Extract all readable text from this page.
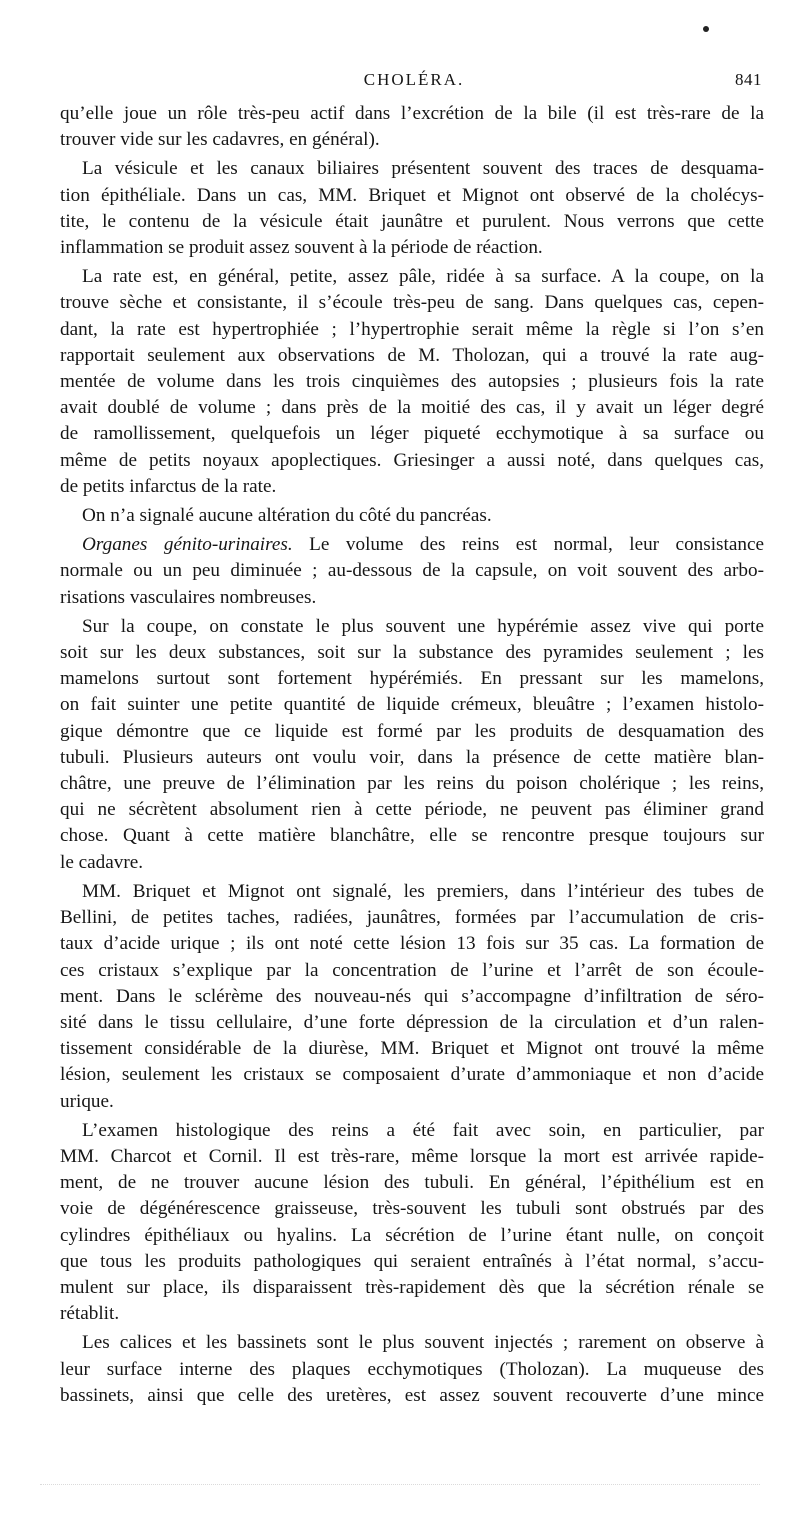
CHOLÉRA.	841

qu’elle joue un rôle très-peu actif dans l’excrétion de la bile (il est très-rare de la
trouver vide sur les cadavres, en général).

La vésicule et les canaux biliaires présentent souvent des traces de desquama-
tion épithéliale. Dans un cas, MM. Briquet et Mignot ont observé de la cholécys-
tite, le contenu de la vésicule était jaunâtre et purulent. Nous verrons que cette
inflammation se produit assez souvent à la période de réaction.

La rate est, en général, petite, assez pâle, ridée à sa surface. A la coupe, on la
trouve sèche et consistante, il s’écoule très-peu de sang. Dans quelques cas, cepen-
dant, la rate est hypertrophiée ; l’hypertrophie serait même la règle si l’on s’en
rapportait seulement aux observations de M. Tholozan, qui a trouvé la rate aug-
mentée de volume dans les trois cinquièmes des autopsies ; plusieurs fois la rate
avait doublé de volume ; dans près de la moitié des cas, il y avait un léger degré
de ramollissement, quelquefois un léger piqueté ecchymotique à sa surface ou
même de petits noyaux apoplectiques. Griesinger a aussi noté, dans quelques cas,
de petits infarctus de la rate.

On n’a signalé aucune altération du côté du pancréas.

Organes génito-urinaires. Le volume des reins est normal, leur consistance
normale ou un peu diminuée ; au-dessous de la capsule, on voit souvent des arbo-
risations vasculaires nombreuses.

Sur la coupe, on constate le plus souvent une hypérémie assez vive qui porte
soit sur les deux substances, soit sur la substance des pyramides seulement ; les
mamelons surtout sont fortement hypérémiés. En pressant sur les mamelons,
on fait suinter une petite quantité de liquide crémeux, bleuâtre ; l’examen histolo-
gique démontre que ce liquide est formé par les produits de desquamation des
tubuli. Plusieurs auteurs ont voulu voir, dans la présence de cette matière blan-
châtre, une preuve de l’élimination par les reins du poison cholérique ; les reins,
qui ne sécrètent absolument rien à cette période, ne peuvent pas éliminer grand
chose. Quant à cette matière blanchâtre, elle se rencontre presque toujours sur
le cadavre.

MM. Briquet et Mignot ont signalé, les premiers, dans l’intérieur des tubes de
Bellini, de petites taches, radiées, jaunâtres, formées par l’accumulation de cris-
taux d’acide urique ; ils ont noté cette lésion 13 fois sur 35 cas. La formation de
ces cristaux s’explique par la concentration de l’urine et l’arrêt de son écoule-
ment. Dans le sclérème des nouveau-nés qui s’accompagne d’infiltration de séro-
sité dans le tissu cellulaire, d’une forte dépression de la circulation et d’un ralen-
tissement considérable de la diurèse, MM. Briquet et Mignot ont trouvé la même
lésion, seulement les cristaux se composaient d’urate d’ammoniaque et non d’acide
urique.

L’examen histologique des reins a été fait avec soin, en particulier, par
MM. Charcot et Cornil. Il est très-rare, même lorsque la mort est arrivée rapide-
ment, de ne trouver aucune lésion des tubuli. En général, l’épithélium est en
voie de dégénérescence graisseuse, très-souvent les tubuli sont obstrués par des
cylindres épithéliaux ou hyalins. La sécrétion de l’urine étant nulle, on conçoit
que tous les produits pathologiques qui seraient entraînés à l’état normal, s’accu-
mulent sur place, ils disparaissent très-rapidement dès que la sécrétion rénale se
rétablit.

Les calices et les bassinets sont le plus souvent injectés ; rarement on observe à
leur surface interne des plaques ecchymotiques (Tholozan). La muqueuse des
bassinets, ainsi que celle des uretères, est assez souvent recouverte d’une mince
